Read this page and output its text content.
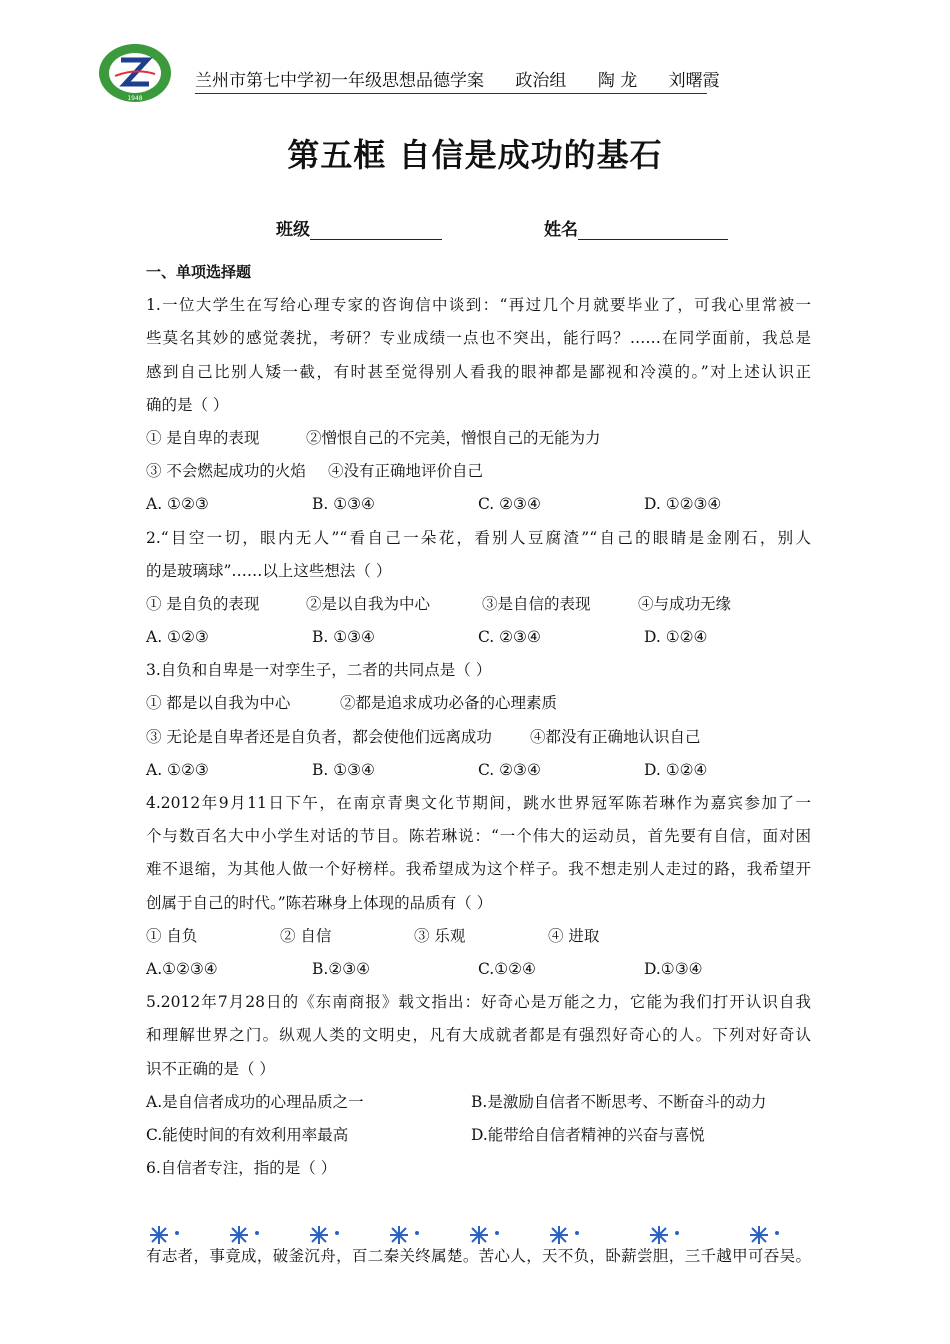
1948
兰州市第七中学初一年级思想品德学案 政治组 陶 龙 刘曙霞
第五框 自信是成功的基石
班级	姓名
一、单项选择题
1.一位大学生在写给心理专家的咨询信中谈到：“再过几个月就要毕业了，可我心里常被一
些莫名其妙的感觉袭扰，考研？专业成绩一点也不突出，能行吗？……在同学面前，我总是
感到自己比别人矮一截，有时甚至觉得别人看我的眼神都是鄙视和冷漠的。”对上述认识正
确的是（ ）
① 是自卑的表现	②憎恨自己的不完美，憎恨自己的无能为力
③ 不会燃起成功的火焰	④没有正确地评价自己
A. ①②③	B. ①③④	C. ②③④	D. ①②③④
2.“目空一切，眼内无人”“看自己一朵花，看别人豆腐渣”“自己的眼睛是金刚石，别人
的是玻璃球”……以上这些想法（ ）
① 是自负的表现	②是以自我为中心	③是自信的表现	④与成功无缘
A. ①②③	B. ①③④	C. ②③④	D. ①②④
3.自负和自卑是一对孪生子，二者的共同点是（ ）
① 都是以自我为中心	②都是追求成功必备的心理素质
③ 无论是自卑者还是自负者，都会使他们远离成功	④都没有正确地认识自己
A. ①②③	B. ①③④	C. ②③④	D. ①②④
4.2012年9月11日下午，在南京青奥文化节期间，跳水世界冠军陈若琳作为嘉宾参加了一
个与数百名大中小学生对话的节目。陈若琳说：“一个伟大的运动员，首先要有自信，面对困
难不退缩，为其他人做一个好榜样。我希望成为这个样子。我不想走别人走过的路，我希望开
创属于自己的时代。”陈若琳身上体现的品质有（ ）
① 自负	② 自信	③ 乐观	④ 进取
A.①②③④	B.②③④	C.①②④	D.①③④
5.2012年7月28日的《东南商报》载文指出：好奇心是万能之力，它能为我们打开认识自我
和理解世界之门。纵观人类的文明史，凡有大成就者都是有强烈好奇心的人。下列对好奇认
识不正确的是（ ）
A.是自信者成功的心理品质之一	B.是激励自信者不断思考、不断奋斗的动力
C.能使时间的有效利用率最高	D.能带给自信者精神的兴奋与喜悦
6.自信者专注，指的是（ ）
有志者，事竟成，破釜沉舟，百二秦关终属楚。苦心人，天不负，卧薪尝胆，三千越甲可吞吴。
